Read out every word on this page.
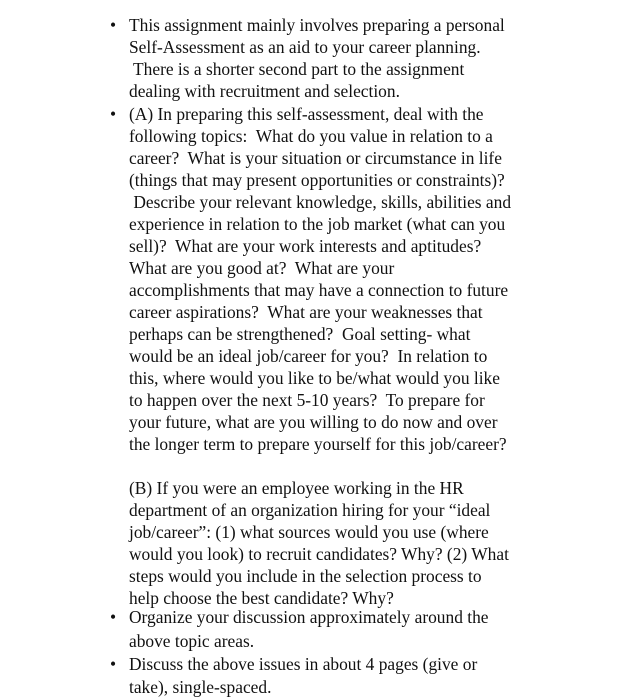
• This assignment mainly involves preparing a personal
Self-Assessment as an aid to your career planning.
There is a shorter second part to the assignment
dealing with recruitment and selection.
• (A) In preparing this self-assessment, deal with the
following topics:  What do you value in relation to a
career?  What is your situation or circumstance in life
(things that may present opportunities or constraints)?
Describe your relevant knowledge, skills, abilities and
experience in relation to the job market (what can you
sell)?  What are your work interests and aptitudes?
What are you good at?  What are your
accomplishments that may have a connection to future
career aspirations?  What are your weaknesses that
perhaps can be strengthened?  Goal setting- what
would be an ideal job/career for you?  In relation to
this, where would you like to be/what would you like
to happen over the next 5-10 years?  To prepare for
your future, what are you willing to do now and over
the longer term to prepare yourself for this job/career?
(B) If you were an employee working in the HR
department of an organization hiring for your “ideal
job/career”: (1) what sources would you use (where
would you look) to recruit candidates? Why? (2) What
steps would you include in the selection process to
help choose the best candidate? Why?
• Organize your discussion approximately around the
above topic areas.
• Discuss the above issues in about 4 pages (give or
take), single-spaced.
